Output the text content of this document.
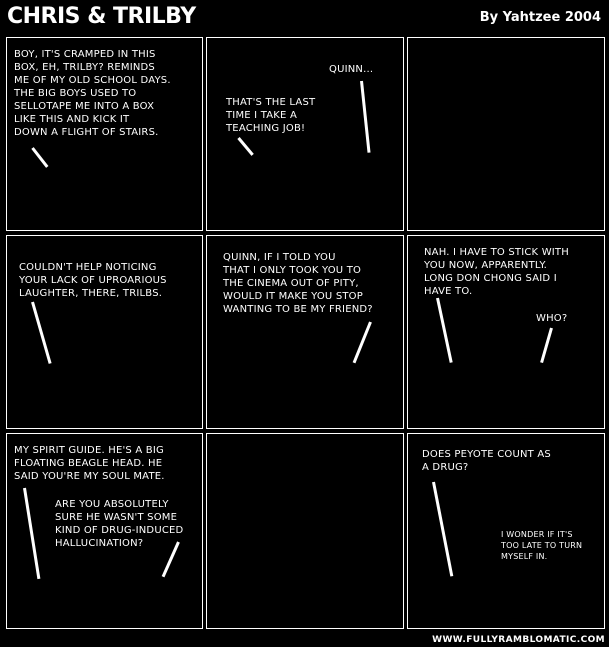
CHRIS & TRILBY	By Yahtzee 2004

BOY, IT'S CRAMPED IN THIS
BOX, EH, TRILBY? REMINDS
ME OF MY OLD SCHOOL DAYS.
THE BIG BOYS USED TO
SELLOTAPE ME INTO A BOX
LIKE THIS AND KICK IT
DOWN A FLIGHT OF STAIRS.

QUINN...

THAT'S THE LAST
TIME I TAKE A
TEACHING JOB!

COULDN'T HELP NOTICING
YOUR LACK OF UPROARIOUS
LAUGHTER, THERE, TRILBS.

QUINN, IF I TOLD YOU
THAT I ONLY TOOK YOU TO
THE CINEMA OUT OF PITY,
WOULD IT MAKE YOU STOP
WANTING TO BE MY FRIEND?

NAH. I HAVE TO STICK WITH
YOU NOW, APPARENTLY.
LONG DON CHONG SAID I
HAVE TO.

WHO?

MY SPIRIT GUIDE. HE'S A BIG
FLOATING BEAGLE HEAD. HE
SAID YOU'RE MY SOUL MATE.

ARE YOU ABSOLUTELY
SURE HE WASN'T SOME
KIND OF DRUG-INDUCED
HALLUCINATION?

DOES PEYOTE COUNT AS
A DRUG?

I WONDER IF IT'S
TOO LATE TO TURN
MYSELF IN.

WWW.FULLYRAMBLOMATIC.COM
